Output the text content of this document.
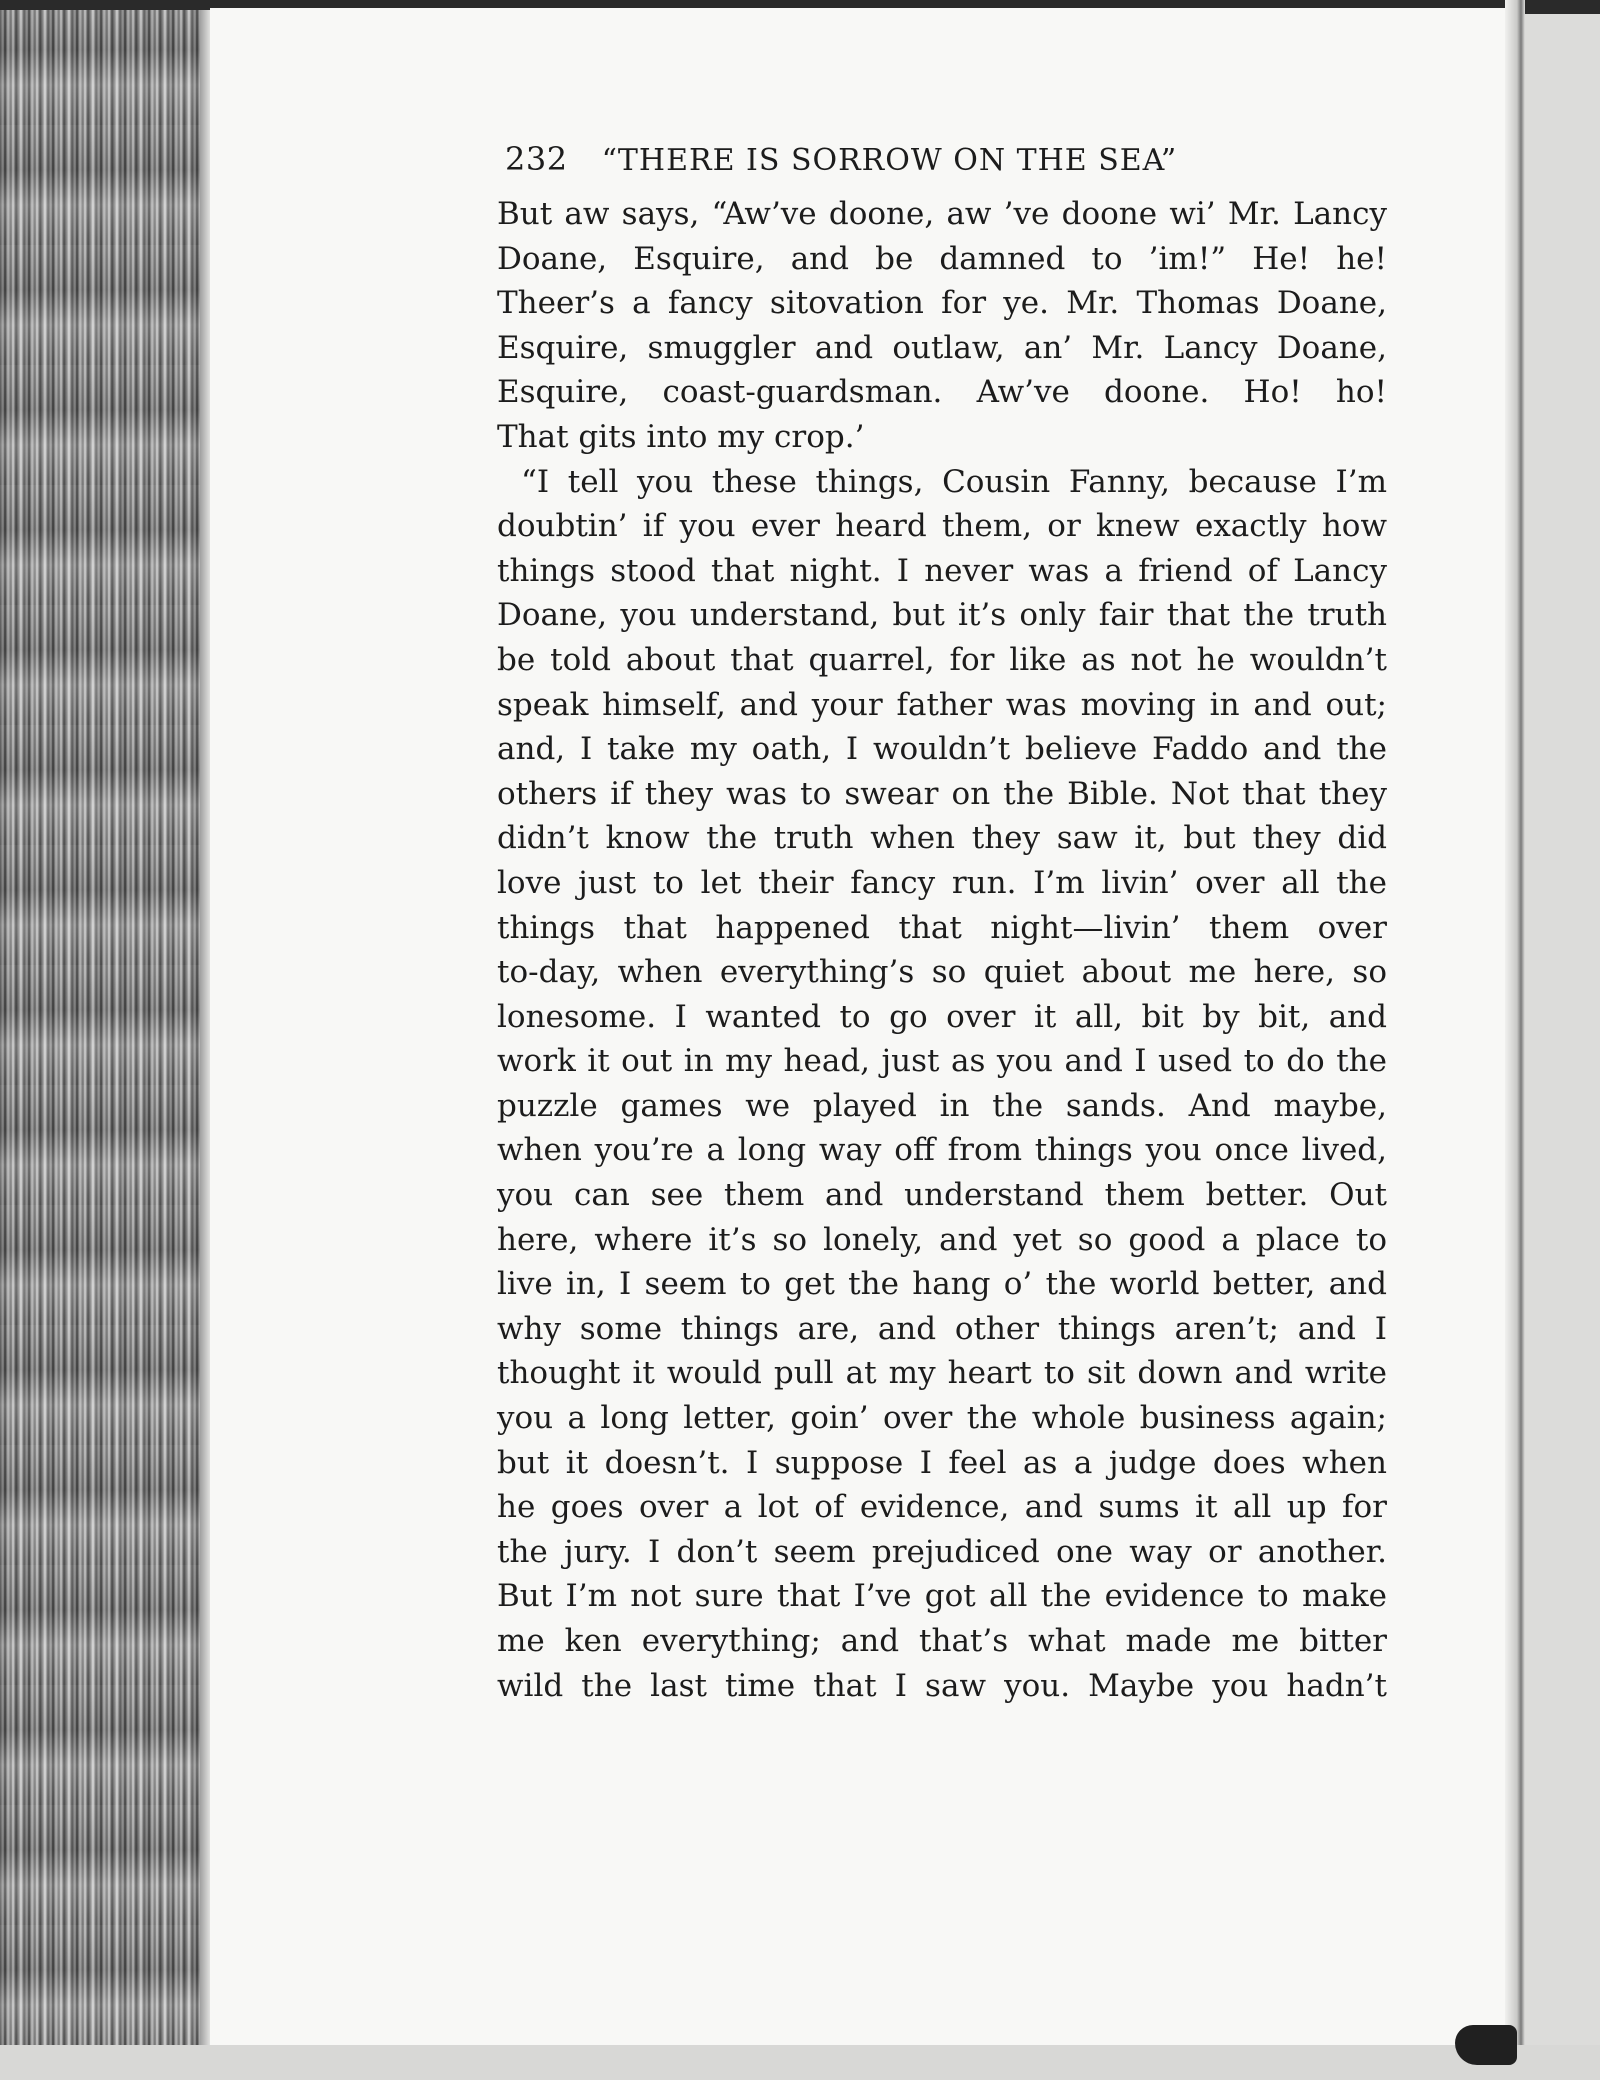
232 “THERE IS SORROW ON THE SEA”
But aw says, “Aw’ve doone, aw ’ve doone wi’ Mr. Lancy
Doane, Esquire, and be damned to ’im!” He! he!
Theer’s a fancy sitovation for ye. Mr. Thomas Doane,
Esquire, smuggler and outlaw, an’ Mr. Lancy Doane,
Esquire, coast-guardsman. Aw’ve doone. Ho! ho!
That gits into my crop.’
“I tell you these things, Cousin Fanny, because I’m
doubtin’ if you ever heard them, or knew exactly how
things stood that night. I never was a friend of Lancy
Doane, you understand, but it’s only fair that the truth
be told about that quarrel, for like as not he wouldn’t
speak himself, and your father was moving in and out;
and, I take my oath, I wouldn’t believe Faddo and the
others if they was to swear on the Bible. Not that they
didn’t know the truth when they saw it, but they did
love just to let their fancy run. I’m livin’ over all the
things that happened that night—livin’ them over
to-day, when everything’s so quiet about me here, so
lonesome. I wanted to go over it all, bit by bit, and
work it out in my head, just as you and I used to do the
puzzle games we played in the sands. And maybe,
when you’re a long way off from things you once lived,
you can see them and understand them better. Out
here, where it’s so lonely, and yet so good a place to
live in, I seem to get the hang o’ the world better, and
why some things are, and other things aren’t; and I
thought it would pull at my heart to sit down and write
you a long letter, goin’ over the whole business again;
but it doesn’t. I suppose I feel as a judge does when
he goes over a lot of evidence, and sums it all up for
the jury. I don’t seem prejudiced one way or another.
But I’m not sure that I’ve got all the evidence to make
me ken everything; and that’s what made me bitter
wild the last time that I saw you. Maybe you hadn’t
